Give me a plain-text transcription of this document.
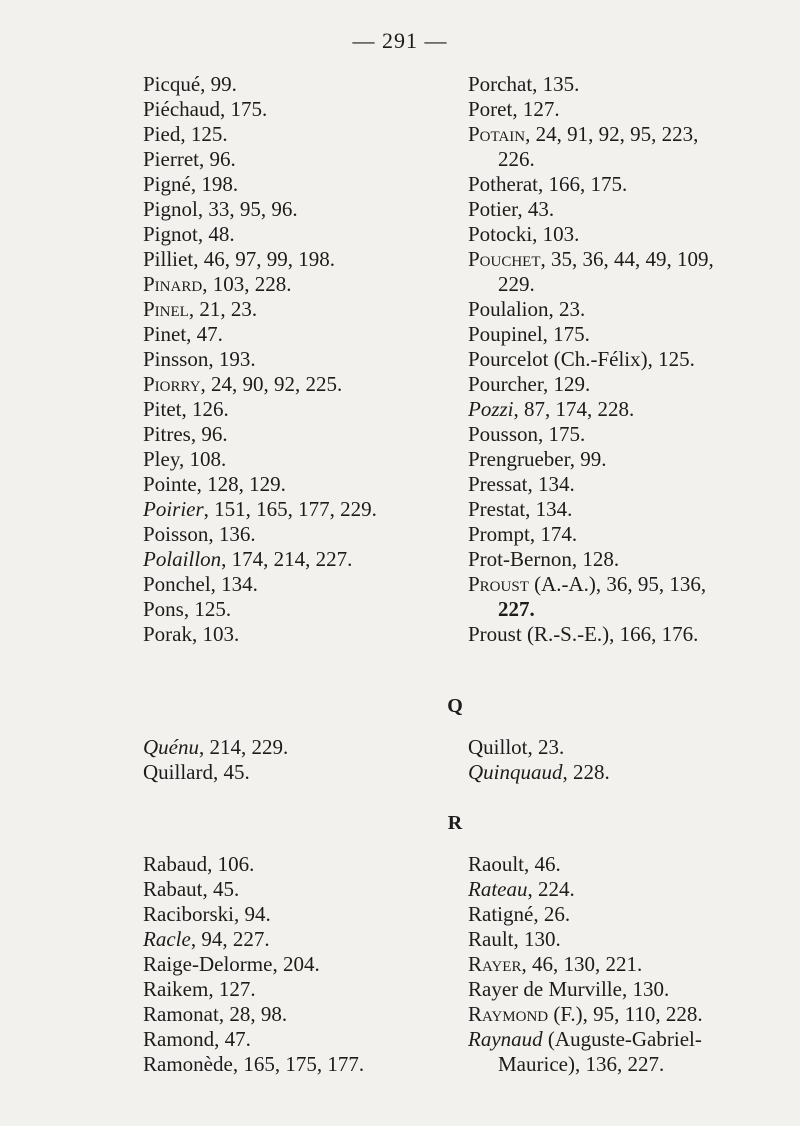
— 291 —
Picqué, 99.
Piéchaud, 175.
Pied, 125.
Pierret, 96.
Pigné, 198.
Pignol, 33, 95, 96.
Pignot, 48.
Pilliet, 46, 97, 99, 198.
Pinard, 103, 228.
Pinel, 21, 23.
Pinet, 47.
Pinsson, 193.
Piorry, 24, 90, 92, 225.
Pitet, 126.
Pitres, 96.
Pley, 108.
Pointe, 128, 129.
Poirier, 151, 165, 177, 229.
Poisson, 136.
Polaillon, 174, 214, 227.
Ponchel, 134.
Pons, 125.
Porak, 103.
Porchat, 135.
Poret, 127.
Potain, 24, 91, 92, 95, 223,
226.
Potherat, 166, 175.
Potier, 43.
Potocki, 103.
Pouchet, 35, 36, 44, 49, 109,
229.
Poulalion, 23.
Poupinel, 175.
Pourcelot (Ch.-Félix), 125.
Pourcher, 129.
Pozzi, 87, 174, 228.
Pousson, 175.
Prengrueber, 99.
Pressat, 134.
Prestat, 134.
Prompt, 174.
Prot-Bernon, 128.
Proust (A.-A.), 36, 95, 136,
227.
Proust (R.-S.-E.), 166, 176.
Q
Quénu, 214, 229.
Quillard, 45.
Quillot, 23.
Quinquaud, 228.
R
Rabaud, 106.
Rabaut, 45.
Raciborski, 94.
Racle, 94, 227.
Raige-Delorme, 204.
Raikem, 127.
Ramonat, 28, 98.
Ramond, 47.
Ramonède, 165, 175, 177.
Raoult, 46.
Rateau, 224.
Ratigné, 26.
Rault, 130.
Rayer, 46, 130, 221.
Rayer de Murville, 130.
Raymond (F.), 95, 110, 228.
Raynaud (Auguste-Gabriel-
Maurice), 136, 227.
